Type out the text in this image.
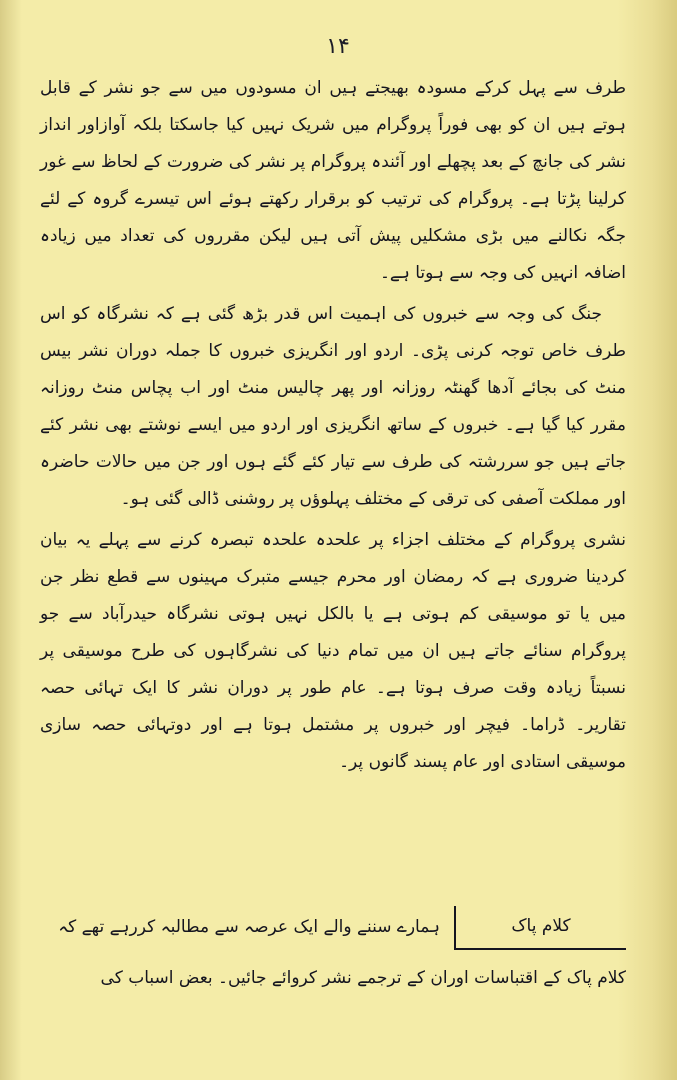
۱۴

طرف سے پہل کرکے مسودہ بھیجتے ہیں ان مسودوں میں سے جو نشر کے قابل ہوتے ہیں ان کو بھی فوراً پروگرام میں شریک نہیں کیا جاسکتا بلکہ آوازاور انداز نشر کی جانچ کے بعد پچھلے اور آئندہ پروگرام پر نشر کی ضرورت کے لحاظ سے غور کرلینا پڑتا ہے۔ پروگرام کی ترتیب کو برقرار رکھتے ہوئے اس تیسرے گروہ کے لئے جگہ نکالنے میں بڑی مشکلیں پیش آتی ہیں لیکن مقرروں کی تعداد میں زیادہ اضافہ انہیں کی وجہ سے ہوتا ہے۔

جنگ کی وجہ سے خبروں کی اہمیت اس قدر بڑھ گئی ہے کہ نشرگاہ کو اس طرف خاص توجہ کرنی پڑی۔ اردو اور انگریزی خبروں کا جملہ دوران نشر بیس منٹ کی بجائے آدھا گھنٹہ روزانہ اور پھر چالیس منٹ اور اب پچاس منٹ روزانہ مقرر کیا گیا ہے۔ خبروں کے ساتھ انگریزی اور اردو میں ایسے نوشتے بھی نشر کئے جاتے ہیں جو سررشتہ کی طرف سے تیار کئے گئے ہوں اور جن میں حالات حاضرہ اور مملکت آصفی کی ترقی کے مختلف پہلوؤں پر روشنی ڈالی گئی ہو۔

نشری پروگرام کے مختلف اجزاء پر علحدہ علحدہ تبصرہ کرنے سے پہلے یہ بیان کردینا ضروری ہے کہ رمضان اور محرم جیسے متبرک مہینوں سے قطع نظر جن میں یا تو موسیقی کم ہوتی ہے یا بالکل نہیں ہوتی نشرگاہ حیدرآباد سے جو پروگرام سنائے جاتے ہیں ان میں تمام دنیا کی نشرگاہوں کی طرح موسیقی پر نسبتاً زیادہ وقت صرف ہوتا ہے۔ عام طور پر دوران نشر کا ایک تہائی حصہ تقاریر۔ ڈراما۔ فیچر اور خبروں پر مشتمل ہوتا ہے اور دوتہائی حصہ سازی موسیقی استادی اور عام پسند گانوں پر۔

کلام پاک
ہمارے سننے والے ایک عرصہ سے مطالبہ کررہے تھے کہ
کلام پاک کے اقتباسات اوران کے ترجمے نشر کروائے جائیں۔ بعض اسباب کی
